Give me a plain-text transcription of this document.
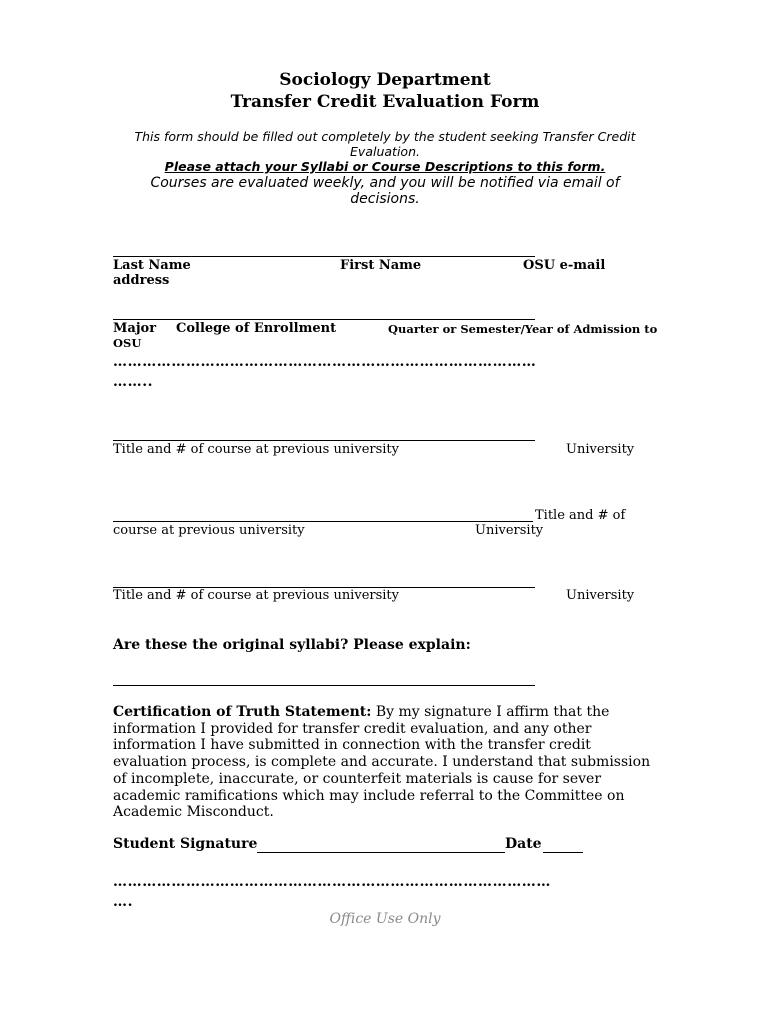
Sociology Department
Transfer Credit Evaluation Form
This form should be filled out completely by the student seeking Transfer Credit
Evaluation.
Please attach your Syllabi or Course Descriptions to this form.
Courses are evaluated weekly, and you will be notified via email of
decisions.
Last Name	First Name	OSU e-mail
address
Major College of Enrollment	Quarter or Semester/Year of Admission to
OSU
……………………………………………………………………………
……..
Title and # of course at previous university	University
Title and # of
course at previous university	University
Title and # of course at previous university	University
Are these the original syllabi? Please explain:
Certification of Truth Statement: By my signature I affirm that the information I provided for transfer credit evaluation, and any other information I have submitted in connection with the transfer credit evaluation process, is complete and accurate. I understand that submission of incomplete, inaccurate, or counterfeit materials is cause for sever academic ramifications which may include referral to the Committee on Academic Misconduct.
Student Signature	Date
………………………………………………………………………………
….
Office Use Only
